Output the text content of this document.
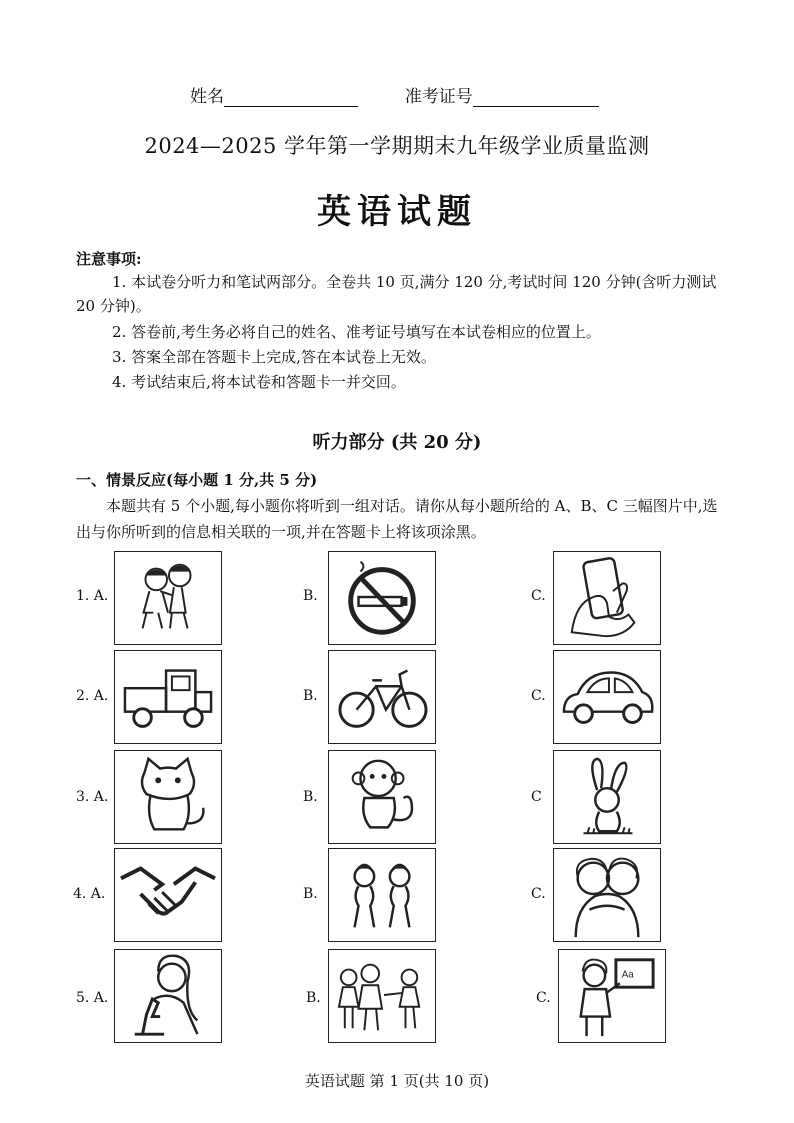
姓名	准考证号
2024—2025 学年第一学期期末九年级学业质量监测
英语试题
注意事项:
1. 本试卷分听力和笔试两部分。全卷共 10 页,满分 120 分,考试时间 120 分钟(含听力测试 20 分钟)。
2. 答卷前,考生务必将自己的姓名、准考证号填写在本试卷相应的位置上。
3. 答案全部在答题卡上完成,答在本试卷上无效。
4. 考试结束后,将本试卷和答题卡一并交回。
听力部分 (共 20 分)
一、情景反应(每小题 1 分,共 5 分)
本题共有 5 个小题,每小题你将听到一组对话。请你从每小题所给的 A、B、C 三幅图片中,选出与你所听到的信息相关联的一项,并在答题卡上将该项涂黑。
1. A.	B.	C.
2. A.	B.	C.
3. A.	B.	C
4. A.	B.	C.
5. A.	B.	C.
Aa
英语试题 第 1 页(共 10 页)
